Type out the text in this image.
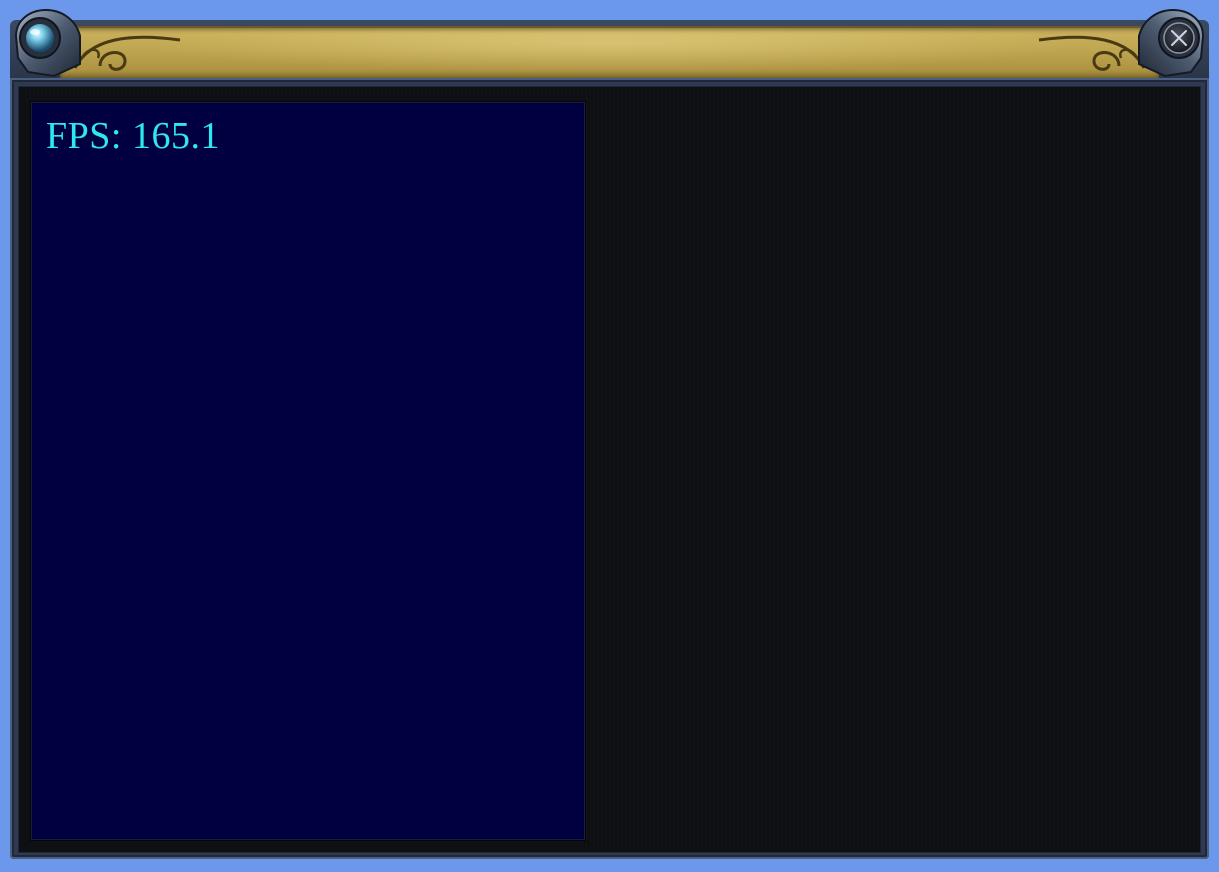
FPS: 165.1
